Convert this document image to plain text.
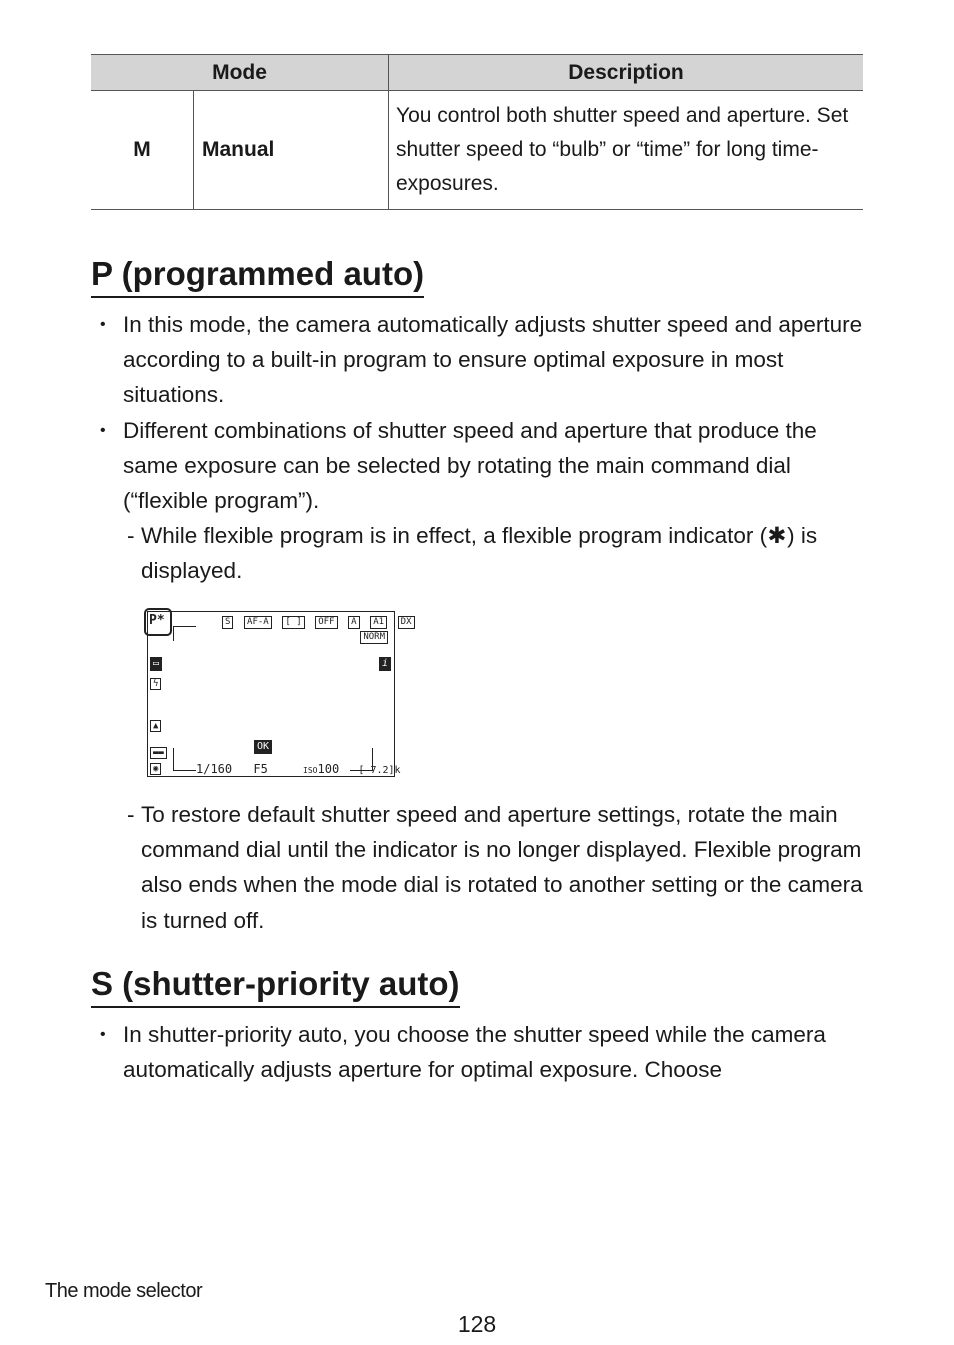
Mode		Description
M	Manual	You control both shutter speed and aperture. Set shutter speed to “bulb” or “time” for long time-exposures.
P (programmed auto)
• In this mode, the camera automatically adjusts shutter speed and aperture according to a built-in program to ensure optimal exposure in most situations.
• Different combinations of shutter speed and aperture that produce the same exposure can be selected by rotating the main command dial (“flexible program”).
- While flexible program is in effect, a flexible program indicator (✱) is displayed.
P*	S AF-A [ ] OFF A A1 DX
NORM
▭
ϟ
▲
▬▬
◉
i
OK
1/160 F5	ISO100 [ 7.2]k
- To restore default shutter speed and aperture settings, rotate the main command dial until the indicator is no longer displayed. Flexible program also ends when the mode dial is rotated to another setting or the camera is turned off.
S (shutter-priority auto)
• In shutter-priority auto, you choose the shutter speed while the camera automatically adjusts aperture for optimal exposure. Choose
The mode selector
128
